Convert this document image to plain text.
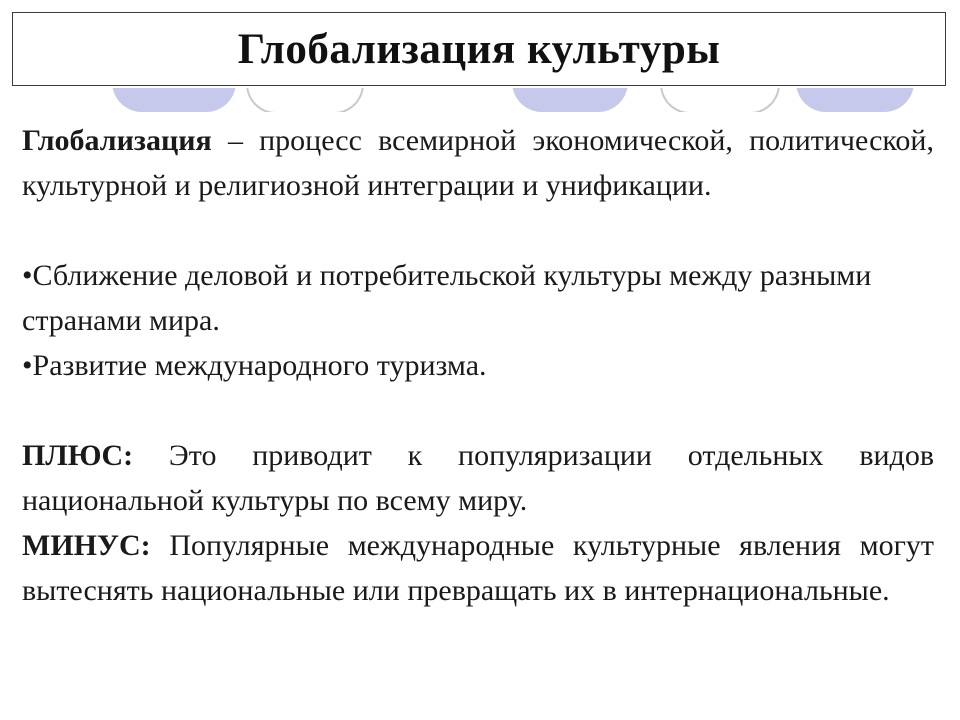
Глобализация культуры

Глобализация – процесс всемирной экономической, политической, культурной и религиозной интеграции и унификации.

•Сближение деловой и потребительской культуры между разными странами мира.

•Развитие международного туризма.

ПЛЮС: Это приводит к популяризации отдельных видов национальной культуры по всему миру.

МИНУС: Популярные международные культурные явления могут вытеснять национальные или превращать их в интернациональные.
